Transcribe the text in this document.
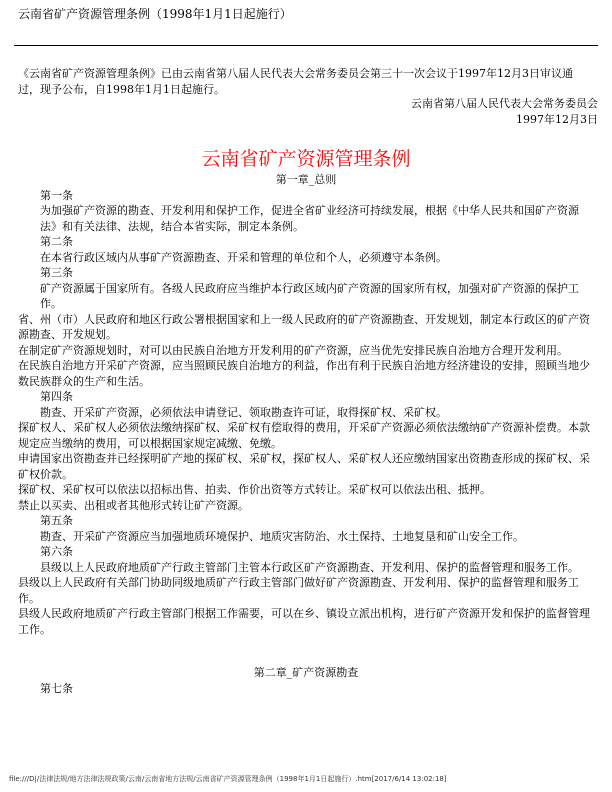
云南省矿产资源管理条例（1998年1月1日起施行）

《云南省矿产资源管理条例》已由云南省第八届人民代表大会常务委员会第三十一次会议于1997年12月3日审议通过，现予公布，自1998年1月1日起施行。

云南省第八届人民代表大会常务委员会

1997年12月3日

云南省矿产资源管理条例

第一章_总则

第一条

为加强矿产资源的勘查、开发利用和保护工作，促进全省矿业经济可持续发展，根据《中华人民共和国矿产资源法》和有关法律、法规，结合本省实际，制定本条例。

第二条

在本省行政区域内从事矿产资源勘查、开采和管理的单位和个人，必须遵守本条例。

第三条

矿产资源属于国家所有。各级人民政府应当维护本行政区域内矿产资源的国家所有权，加强对矿产资源的保护工作。

省、州（市）人民政府和地区行政公署根据国家和上一级人民政府的矿产资源勘查、开发规划，制定本行政区的矿产资源勘查、开发规划。

在制定矿产资源规划时，对可以由民族自治地方开发利用的矿产资源，应当优先安排民族自治地方合理开发利用。

在民族自治地方开采矿产资源，应当照顾民族自治地方的利益，作出有利于民族自治地方经济建设的安排，照顾当地少数民族群众的生产和生活。

第四条

勘查、开采矿产资源，必须依法申请登记、领取勘查许可证，取得探矿权、采矿权。

探矿权人、采矿权人必须依法缴纳探矿权、采矿权有偿取得的费用，开采矿产资源必须依法缴纳矿产资源补偿费。本款规定应当缴纳的费用，可以根据国家规定减缴、免缴。

申请国家出资勘查并已经探明矿产地的探矿权、采矿权，探矿权人、采矿权人还应缴纳国家出资勘查形成的探矿权、采矿权价款。

探矿权、采矿权可以依法以招标出售、拍卖、作价出资等方式转让。采矿权可以依法出租、抵押。

禁止以买卖、出租或者其他形式转让矿产资源。

第五条

勘查、开采矿产资源应当加强地质环境保护、地质灾害防治、水土保持、土地复垦和矿山安全工作。

第六条

县级以上人民政府地质矿产行政主管部门主管本行政区矿产资源勘查、开发利用、保护的监督管理和服务工作。

县级以上人民政府有关部门协助同级地质矿产行政主管部门做好矿产资源勘查、开发利用、保护的监督管理和服务工作。

县级人民政府地质矿产行政主管部门根据工作需要，可以在乡、镇设立派出机构，进行矿产资源开发和保护的监督管理工作。

第二章_矿产资源勘查

第七条

file:///D|/法律法规/地方法律法规政策/云南/云南省地方法规/云南省矿产资源管理条例（1998年1月1日起施行）.htm[2017/6/14 13:02:18]
